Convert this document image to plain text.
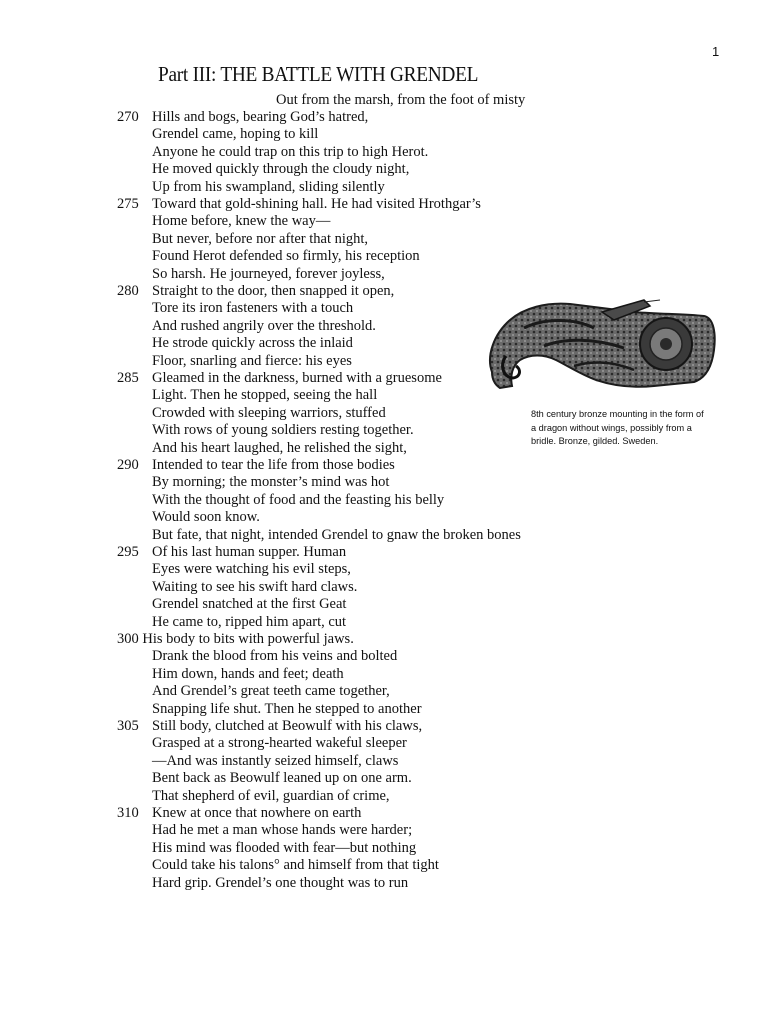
1
Part III: THE BATTLE WITH GRENDEL
Out from the marsh, from the foot of misty
270 Hills and bogs, bearing God’s hatred,
Grendel came, hoping to kill
Anyone he could trap on this trip to high Herot.
He moved quickly through the cloudy night,
Up from his swampland, sliding silently
275 Toward that gold-shining hall. He had visited Hrothgar’s
Home before, knew the way—
But never, before nor after that night,
Found Herot defended so firmly, his reception
So harsh. He journeyed, forever joyless,
280 Straight to the door, then snapped it open,
Tore its iron fasteners with a touch
And rushed angrily over the threshold.
He strode quickly across the inlaid
Floor, snarling and fierce: his eyes
285 Gleamed in the darkness, burned with a gruesome
Light. Then he stopped, seeing the hall
Crowded with sleeping warriors, stuffed
With rows of young soldiers resting together.
And his heart laughed, he relished the sight,
290 Intended to tear the life from those bodies
By morning; the monster’s mind was hot
With the thought of food and the feasting his belly
Would soon know.
But fate, that night, intended Grendel to gnaw the broken bones
295 Of his last human supper. Human
Eyes were watching his evil steps,
Waiting to see his swift hard claws.
Grendel snatched at the first Geat
He came to, ripped him apart, cut
300 His body to bits with powerful jaws.
Drank the blood from his veins and bolted
Him down, hands and feet; death
And Grendel’s great teeth came together,
Snapping life shut. Then he stepped to another
305 Still body, clutched at Beowulf with his claws,
Grasped at a strong-hearted wakeful sleeper
—And was instantly seized himself, claws
Bent back as Beowulf leaned up on one arm.
That shepherd of evil, guardian of crime,
310 Knew at once that nowhere on earth
Had he met a man whose hands were harder;
His mind was flooded with fear—but nothing
Could take his talons° and himself from that tight
Hard grip. Grendel’s one thought was to run
8th century bronze mounting in the form of a dragon without wings, possibly from a bridle. Bronze, gilded. Sweden.
